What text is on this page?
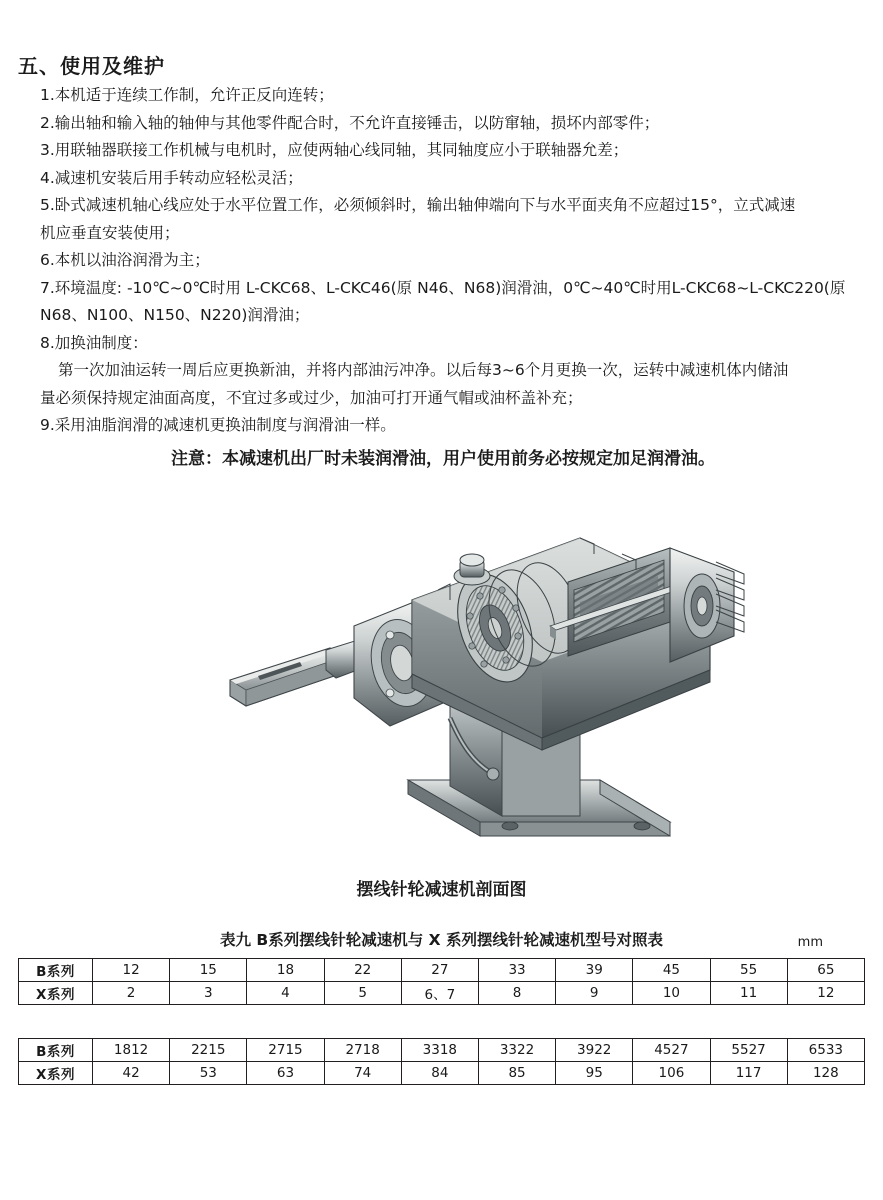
五、使用及维护

1.本机适于连续工作制，允许正反向连转；

2.输出轴和输入轴的轴伸与其他零件配合时，不允许直接锤击，以防窜轴，损坏内部零件；

3.用联轴器联接工作机械与电机时，应使两轴心线同轴，其同轴度应小于联轴器允差；

4.减速机安装后用手转动应轻松灵活；

5.卧式减速机轴心线应处于水平位置工作，必须倾斜时，输出轴伸端向下与水平面夹角不应超过15°，立式减速

机应垂直安装使用；

6.本机以油浴润滑为主；

7.环境温度: -10℃~0℃时用 L-CKC68、L-CKC46(原 N46、N68)润滑油，0℃~40℃时用L-CKC68~L-CKC220(原

N68、N100、N150、N220)润滑油；

8.加换油制度：

第一次加油运转一周后应更换新油，并将内部油污冲净。以后每3~6个月更换一次，运转中减速机体内储油

量必须保持规定油面高度，不宜过多或过少，加油可打开通气帽或油杯盖补充；

9.采用油脂润滑的减速机更换油制度与润滑油一样。

注意：本减速机出厂时未装润滑油，用户使用前务必按规定加足润滑油。

摆线针轮减速机剖面图
表九 B系列摆线针轮减速机与 X 系列摆线针轮减速机型号对照表	mm
B系列	12	15	18	22	27	33	39	45	55	65
X系列	2	3	4	5	6、7	8	9	10	11	12
B系列	1812	2215	2715	2718	3318	3322	3922	4527	5527	6533
X系列	42	53	63	74	84	85	95	106	117	128
